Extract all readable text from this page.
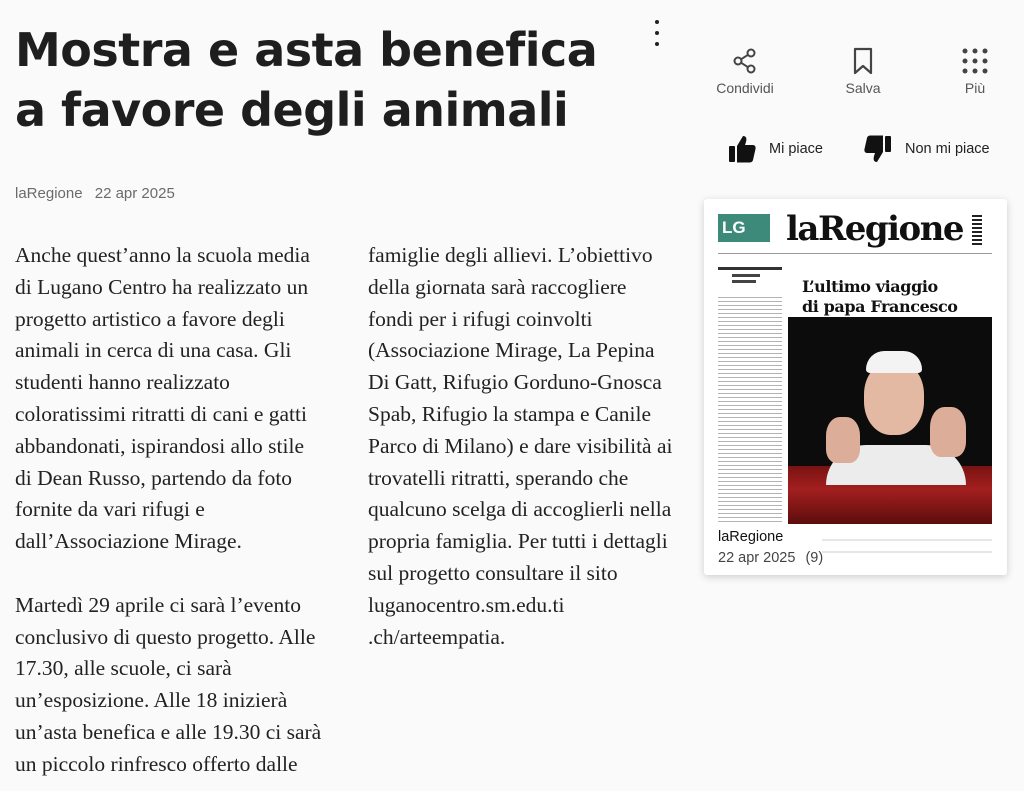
Mostra e asta benefica a favore degli animali
laRegione 22 apr 2025

Anche quest’anno la scuola media di Lugano Centro ha realizzato un progetto artistico a favore degli animali in cerca di una casa. Gli studenti hanno realizzato coloratissimi ritratti di cani e gatti abbandonati, ispirandosi allo stile di Dean Russo, partendo da foto fornite da vari rifugi e dall’Associazione Mirage.

Martedì 29 aprile ci sarà l’evento conclusivo di questo progetto. Alle 17.30, alle scuole, ci sarà un’esposizione. Alle 18 inizierà un’asta benefica e alle 19.30 ci sarà un piccolo rinfresco offerto dalle famiglie degli allievi. L’obiettivo della giornata sarà raccogliere fondi per i rifugi coinvolti (Associazione Mirage, La Pepina Di Gatt, Rifugio Gorduno-Gnosca Spab, Rifugio la stampa e Canile Parco di Milano) e dare visibilità ai trovatelli ritratti, sperando che qualcuno scelga di accoglierli nella propria famiglia. Per tutti i dettagli sul progetto consultare il sito luganocentro.sm.edu.ti .ch/arteempatia.

Condividi	Salva	Più
Mi piace	Non mi piace
LG	laRegione
L’ultimo viaggio
di papa Francesco
laRegione
22 apr 2025 (9)
